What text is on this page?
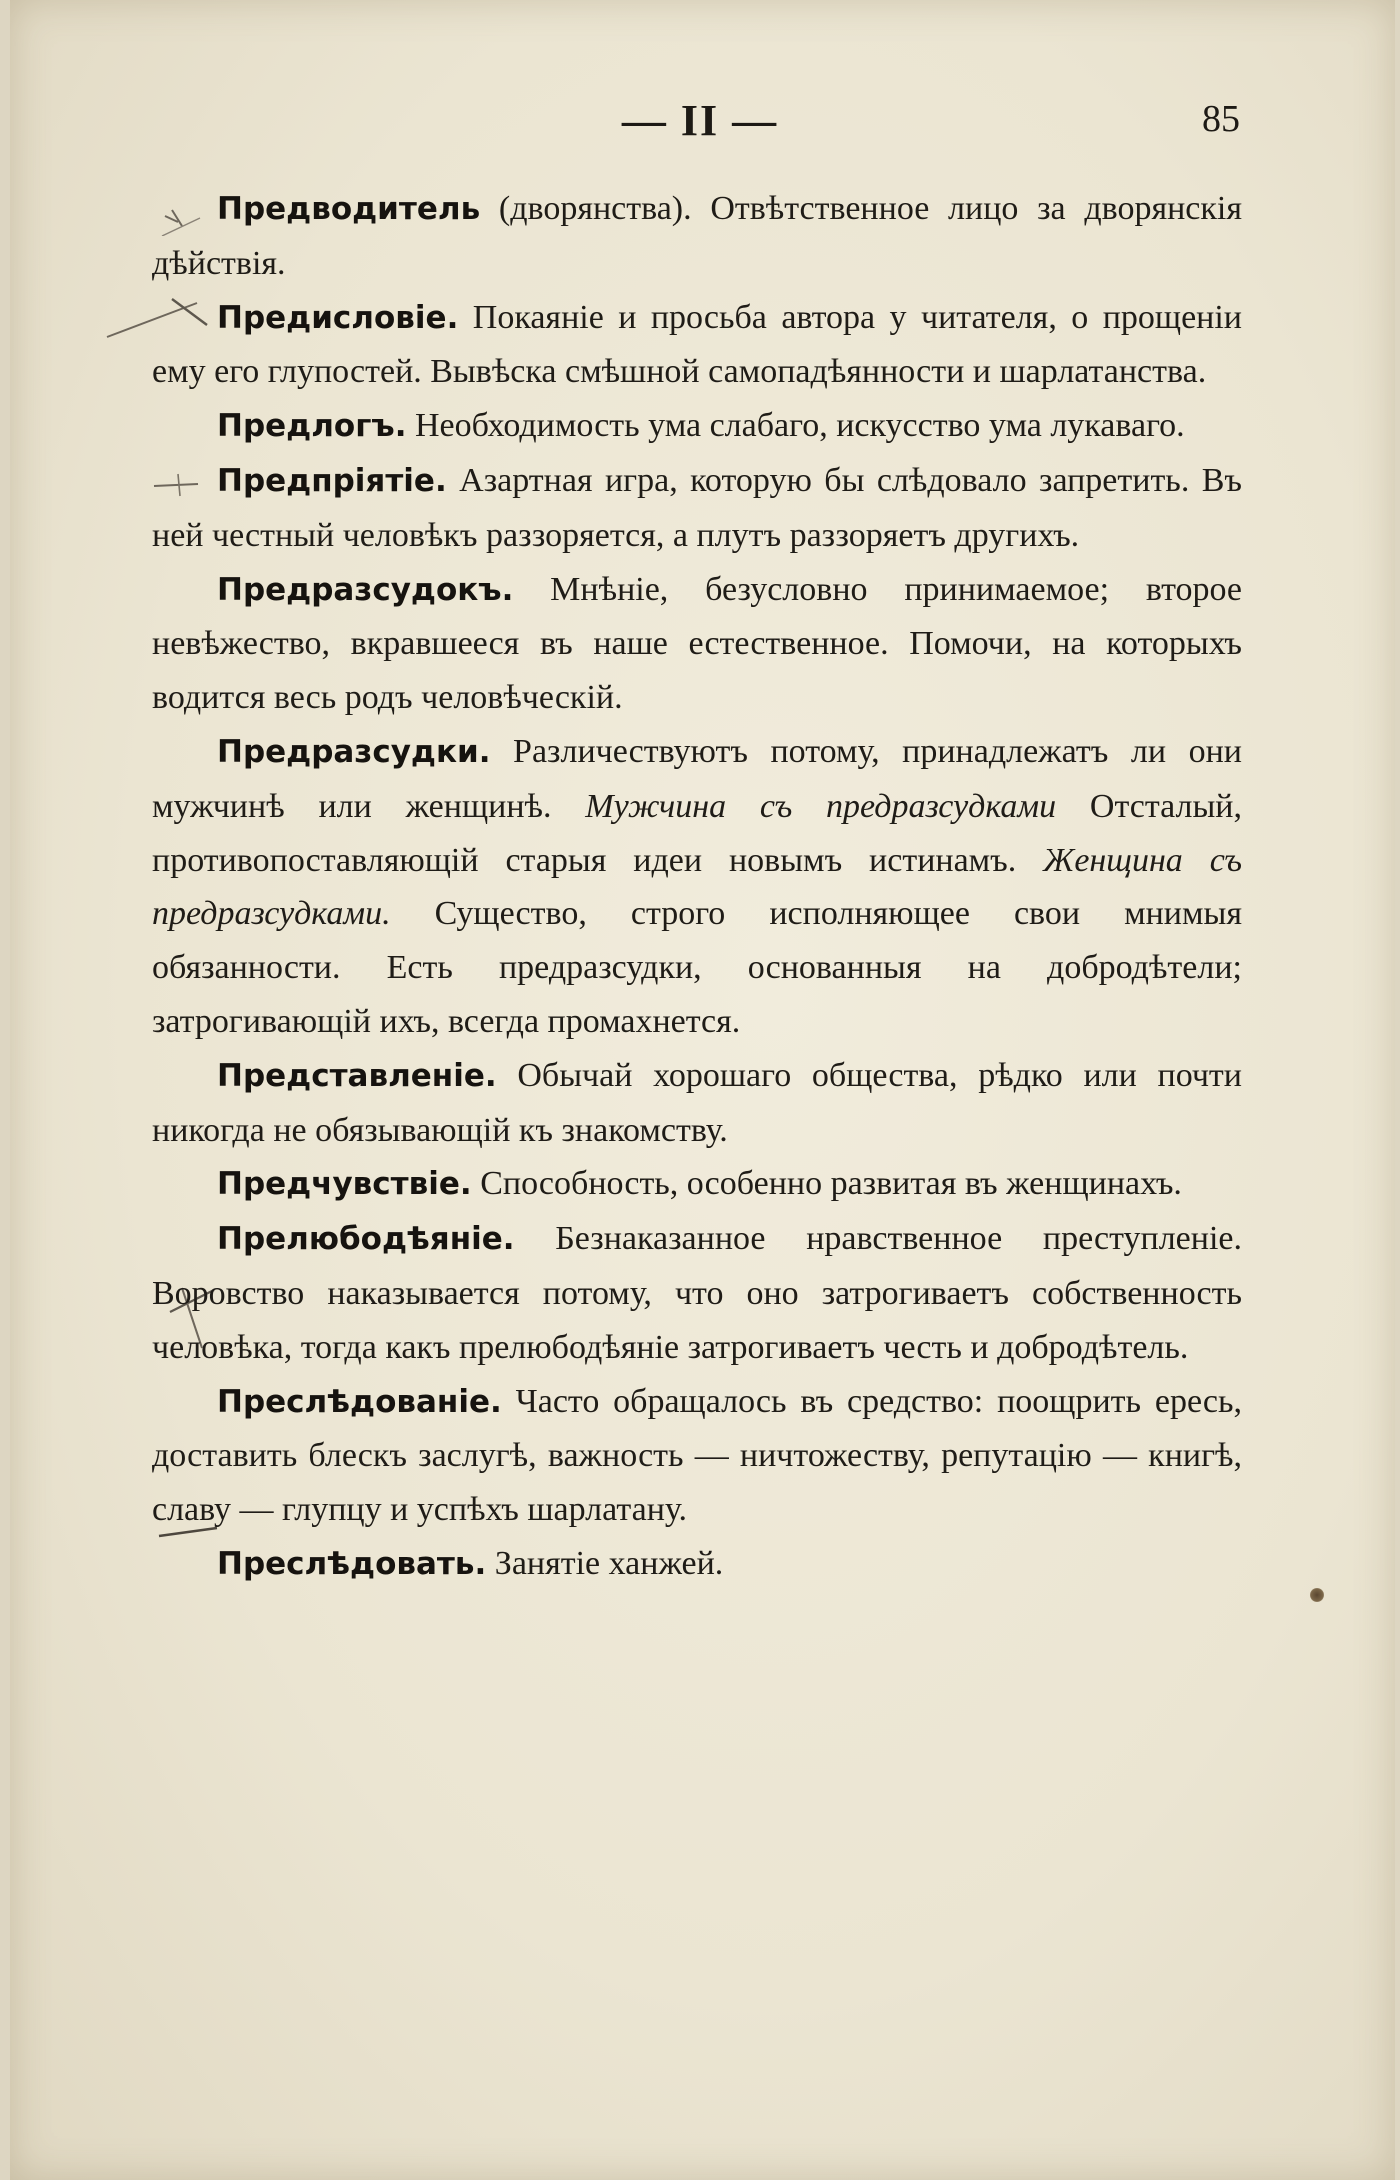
— II —	85

Предводитель (дворянства). Отвѣтственное лицо за дворянскія дѣйствія.

Предисловіе. Покаяніе и просьба автора у читателя, о прощеніи ему его глупостей. Вывѣска смѣшной самопадѣянности и шарлатанства.

Предлогъ. Необходимость ума слабаго, искусство ума лукаваго.

Предпріятіе. Азартная игра, которую бы слѣдовало запретить. Въ ней честный человѣкъ раззоряется, а плутъ раззоряетъ другихъ.

Предразсудокъ. Мнѣніе, безусловно принимаемое; второе невѣжество, вкравшееся въ наше естественное. Помочи, на которыхъ водится весь родъ человѣческій.

Предразсудки. Различествуютъ потому, принадлежатъ ли они мужчинѣ или женщинѣ. Мужчина съ предразсудками Отсталый, противопоставляющій старыя идеи новымъ истинамъ. Женщина съ предразсудками. Существо, строго исполняющее свои мнимыя обязанности. Есть предразсудки, основанныя на добродѣтели; затрогивающій ихъ, всегда промахнется.

Представленіе. Обычай хорошаго общества, рѣдко или почти никогда не обязывающій къ знакомству.

Предчувствіе. Способность, особенно развитая въ женщинахъ.

Прелюбодѣяніе. Безнаказанное нравственное преступленіе. Воровство наказывается потому, что оно затрогиваетъ собственность человѣка, тогда какъ прелюбодѣяніе затрогиваетъ честь и добродѣтель.

Преслѣдованіе. Часто обращалось въ средство: поощрить ересь, доставить блескъ заслугѣ, важность — ничтожеству, репутацію — книгѣ, славу — глупцу и успѣхъ шарлатану.

Преслѣдовать. Занятіе ханжей.
